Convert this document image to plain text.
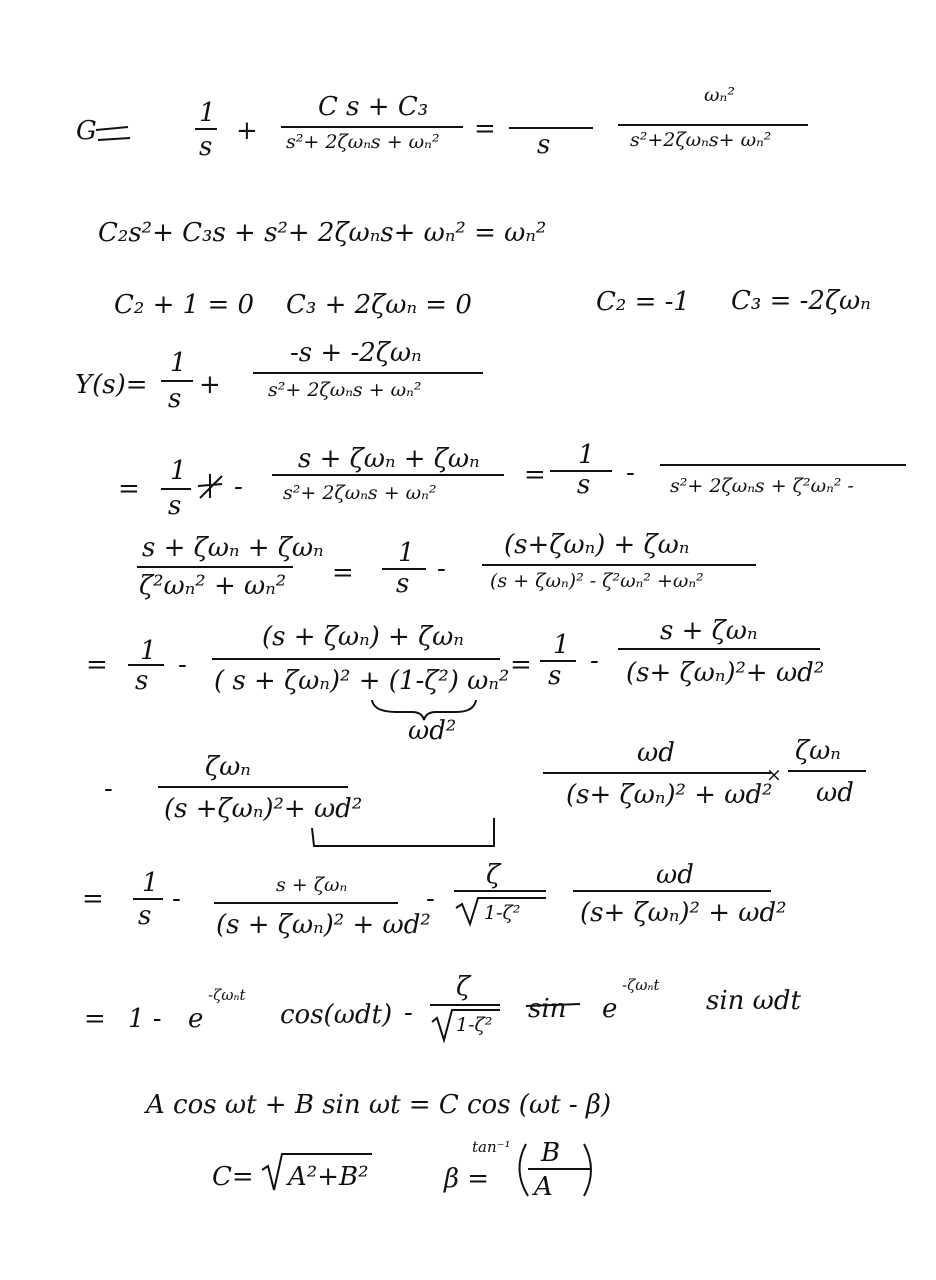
G
1
s
+
C s + C₃
s²+ 2ζωₙs + ωₙ² =
s
ωₙ²
s²+2ζωₙs+ ωₙ²
C₂s²+ C₃s + s²+ 2ζωₙs+ ωₙ² = ωₙ²
C₂ + 1 = 0 C₃ + 2ζωₙ = 0	C₂ = -1 C₃ = -2ζωₙ
Y(s)=
1
s +
-s + -2ζωₙ
s²+ 2ζωₙs + ωₙ²
=
1
s
-
s + ζωₙ + ζωₙ
s²+ 2ζωₙs + ωₙ²
=
1
s - s²+ 2ζωₙs + ζ²ωₙ² -
s + ζωₙ + ζωₙ
ζ²ωₙ² + ωₙ² =
1
s -
(s+ζωₙ) + ζωₙ
(s + ζωₙ)² - ζ²ωₙ² +ωₙ²
= 1
s
-
(s + ζωₙ) + ζωₙ
( s + ζωₙ)² + (1-ζ²) ωₙ²
ωd²
=
1
s -
s + ζωₙ
(s+ ζωₙ)²+ ωd²
-
ζωₙ
(s +ζωₙ)²+ ωd²
ωd
(s+ ζωₙ)² + ωd²
×
ζωₙ
ωd
=
1
s
-	s + ζωₙ
(s + ζωₙ)² + ωd²
-
ζ
1-ζ²
ωd
(s+ ζωₙ)² + ωd²
= 1 - e
-ζωₙt
cos(ωdt) -
ζ
1-ζ²
sin e
-ζωₙt
sin ωdt
A cos ωt + B sin ωt = C cos (ωt - β)
C= A²+B²	β =
tan⁻¹ B
A
